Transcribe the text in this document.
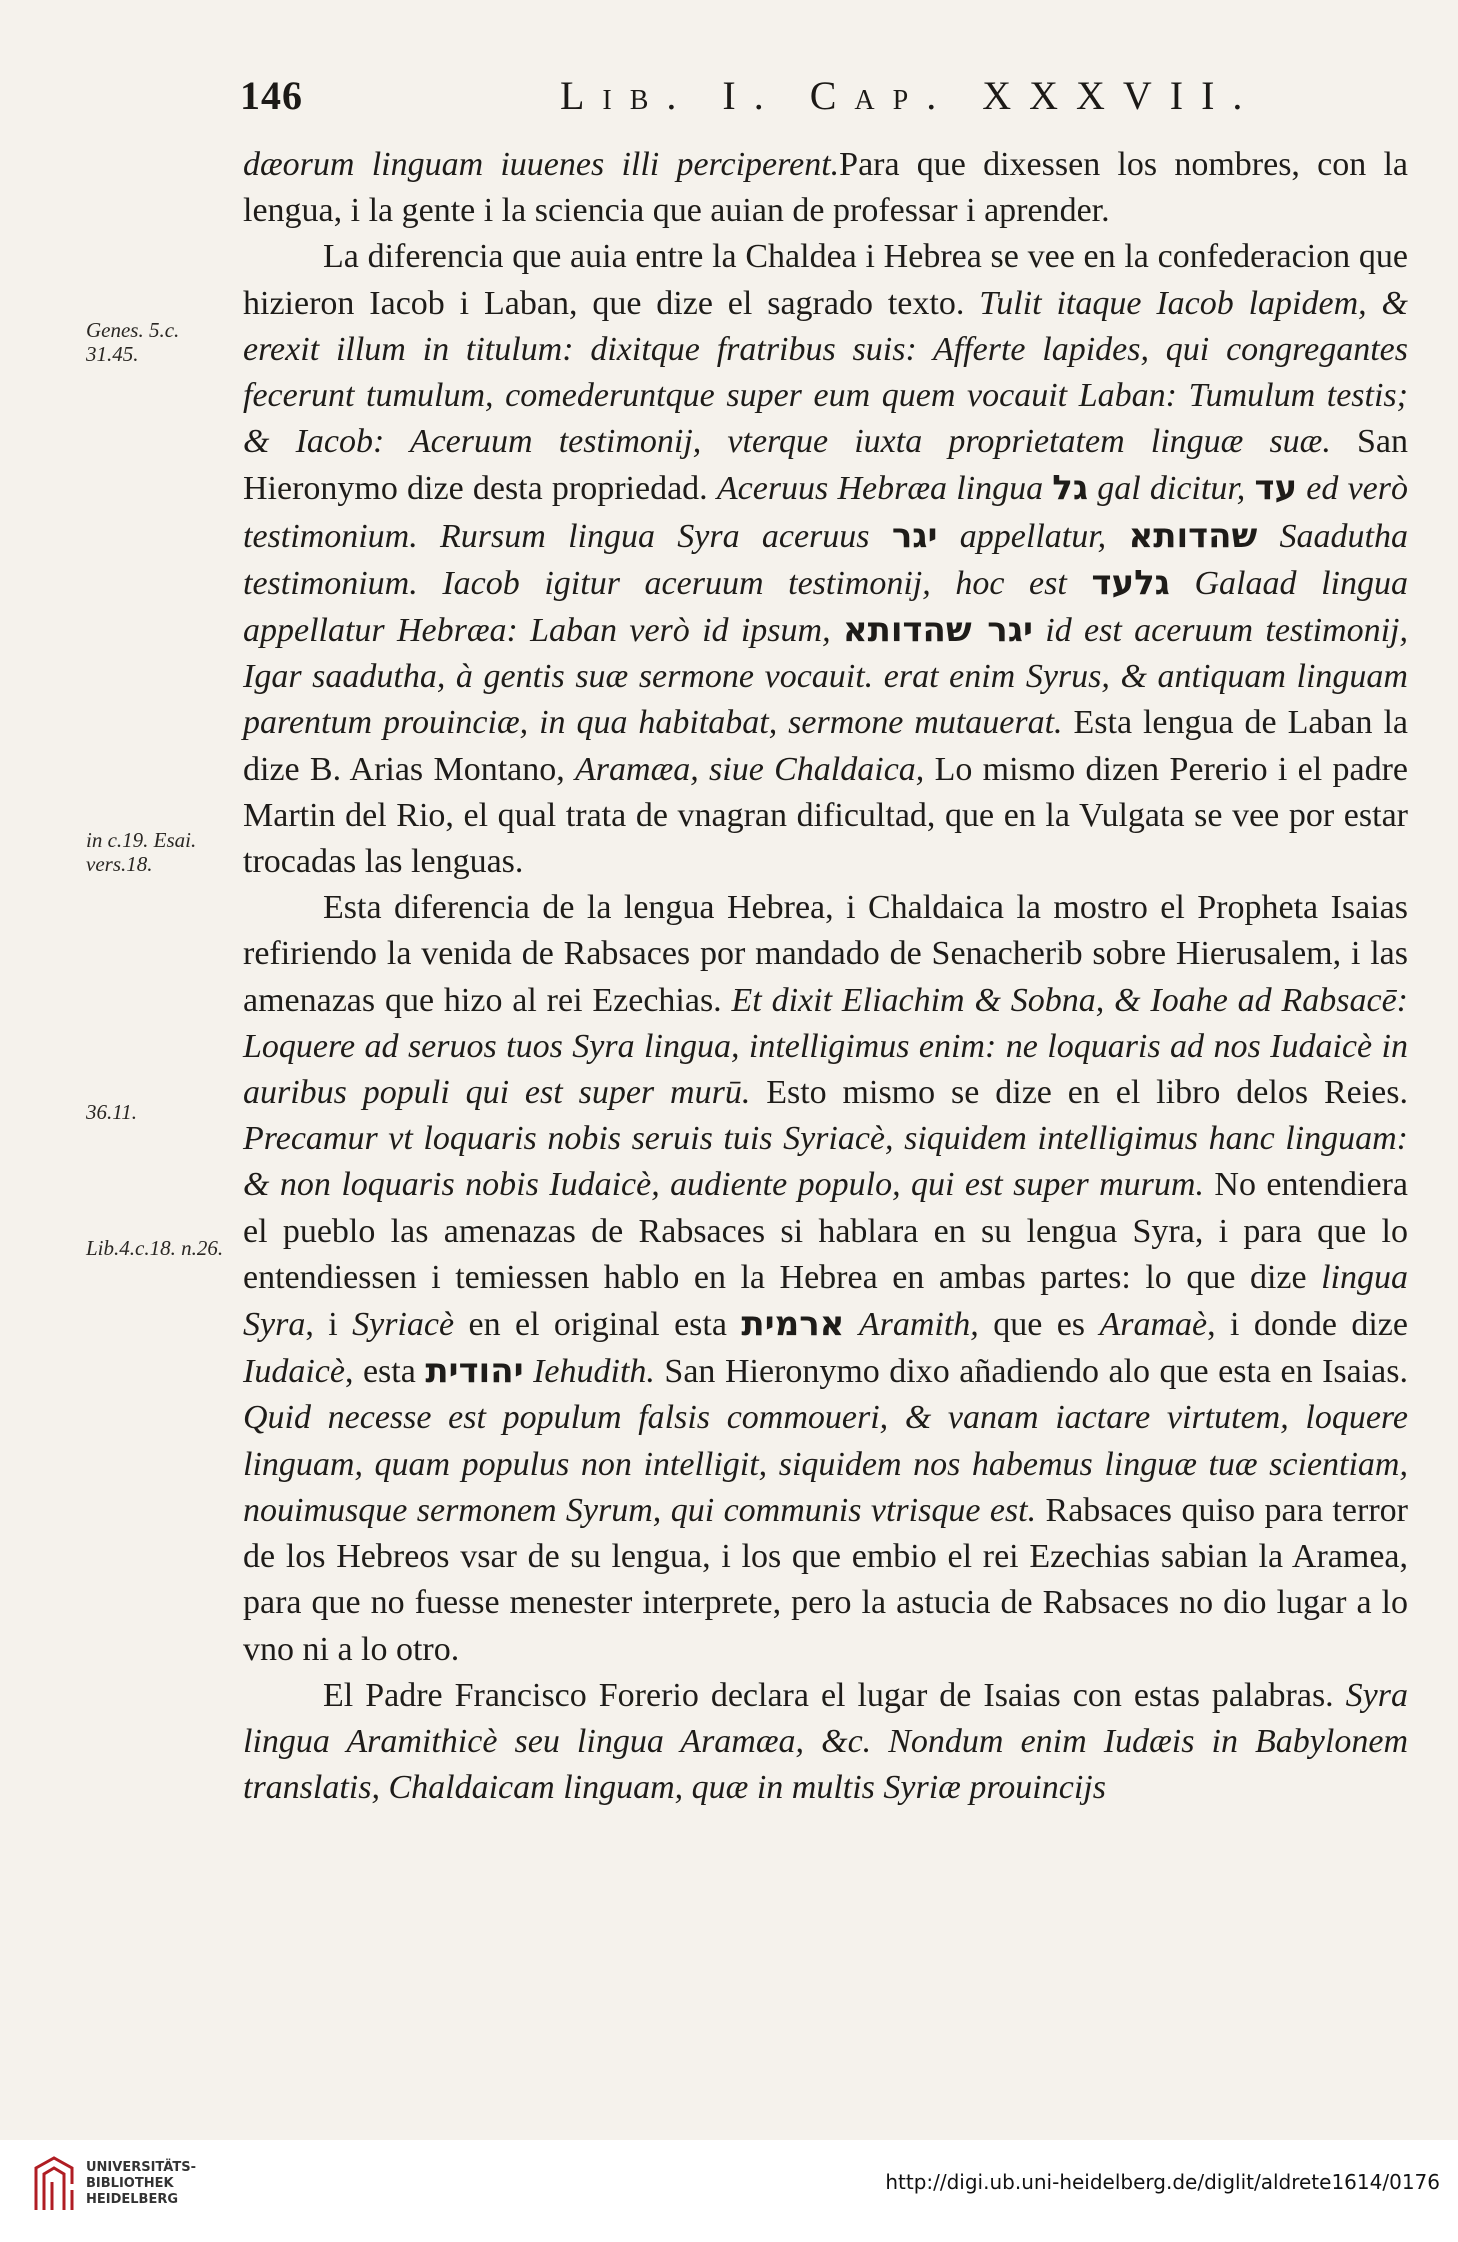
146	Lib. I. Cap. XXXVII.
Genes. 5.c. 31.45.
in c.19. Esai. vers.18.
36.11.
Lib.4.c.18. n.26.

dæorum linguam iuuenes illi perciperent.Para que dixessen los nombres, con la lengua, i la gente i la sciencia que auian de professar i aprender.

La diferencia que auia entre la Chaldea i Hebrea se vee en la confederacion que hizieron Iacob i Laban, que dize el sagrado texto. Tulit itaque Iacob lapidem, & erexit illum in titulum: dixitque fratribus suis: Afferte lapides, qui congregantes fecerunt tumulum, comederuntque super eum quem vocauit Laban: Tumulum testis; & Iacob: Aceruum testimonij, vterque iuxta proprietatem linguæ suæ. San Hieronymo dize desta propriedad. Aceruus Hebræa lingua גל gal dicitur, עד ed verò testimonium. Rursum lingua Syra aceruus יגר appellatur, שהדותא Saadutha testimonium. Iacob igitur aceruum testimonij, hoc est גלעד Galaad lingua appellatur Hebræa: Laban verò id ipsum, יגר שהדותא id est aceruum testimonij, Igar saadutha, à gentis suæ sermone vocauit. erat enim Syrus, & antiquam linguam parentum prouinciæ, in qua habitabat, sermone mutauerat. Esta lengua de Laban la dize B. Arias Montano, Aramæa, siue Chaldaica, Lo mismo dizen Pererio i el padre Martin del Rio, el qual trata de vnagran dificultad, que en la Vulgata se vee por estar trocadas las lenguas.

Esta diferencia de la lengua Hebrea, i Chaldaica la mostro el Propheta Isaias refiriendo la venida de Rabsaces por mandado de Senacherib sobre Hierusalem, i las amenazas que hizo al rei Ezechias. Et dixit Eliachim & Sobna, & Ioahe ad Rabsacē: Loquere ad seruos tuos Syra lingua, intelligimus enim: ne loquaris ad nos Iudaicè in auribus populi qui est super murū. Esto mismo se dize en el libro delos Reies. Precamur vt loquaris nobis seruis tuis Syriacè, siquidem intelligimus hanc linguam: & non loquaris nobis Iudaicè, audiente populo, qui est super murum. No entendiera el pueblo las amenazas de Rabsaces si hablara en su lengua Syra, i para que lo entendiessen i temiessen hablo en la Hebrea en ambas partes: lo que dize lingua Syra, i Syriacè en el original esta ארמית Aramith, que es Aramaè, i donde dize Iudaicè, esta יהודית Iehudith. San Hieronymo dixo añadiendo alo que esta en Isaias. Quid necesse est populum falsis commoueri, & vanam iactare virtutem, loquere linguam, quam populus non intelligit, siquidem nos habemus linguæ tuæ scientiam, nouimusque sermonem Syrum, qui communis vtrisque est. Rabsaces quiso para terror de los Hebreos vsar de su lengua, i los que embio el rei Ezechias sabian la Aramea, para que no fuesse menester interprete, pero la astucia de Rabsaces no dio lugar a lo vno ni a lo otro.

El Padre Francisco Forerio declara el lugar de Isaias con estas palabras. Syra lingua Aramithicè seu lingua Aramæa, &c. Nondum enim Iudæis in Babylonem translatis, Chaldaicam linguam, quæ in multis Syriæ prouincijs

UNIVERSITÄTS-
BIBLIOTHEK
HEIDELBERG
http://digi.ub.uni-heidelberg.de/diglit/aldrete1614/0176
